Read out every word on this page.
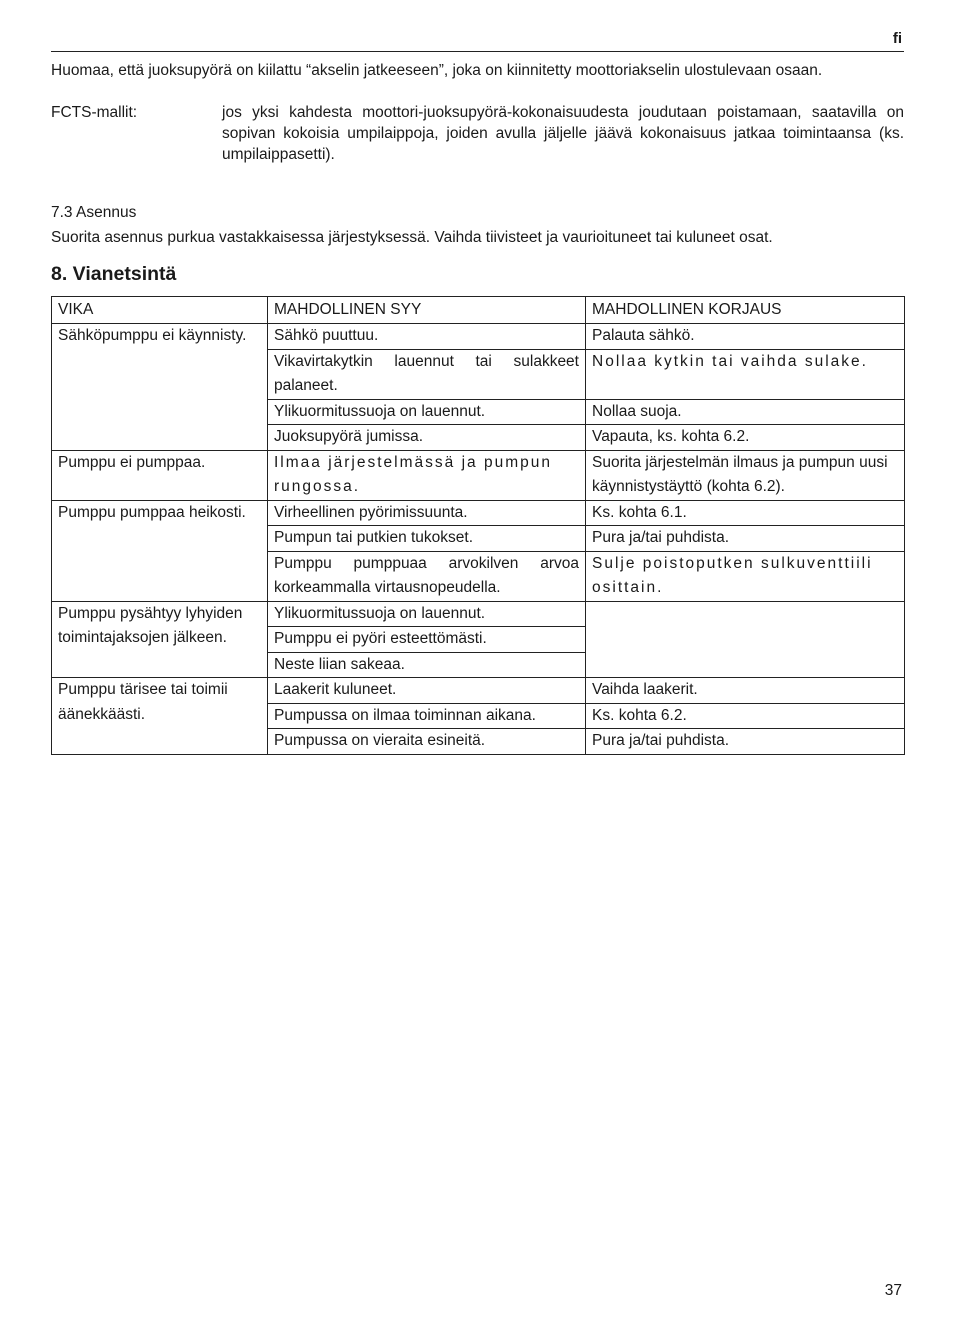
fi

Huomaa, että juoksupyörä on kiilattu “akselin jatkeeseen”, joka on kiinnitetty moottoriakselin ulostulevaan osaan.

FCTS-mallit:	jos yksi kahdesta moottori-juoksupyörä-kokonaisuudesta joudutaan poistamaan, saatavilla on sopivan kokoisia umpilaippoja, joiden avulla jäljelle jäävä kokonaisuus jatkaa toimintaansa (ks. umpilaippasetti).

7.3 Asennus

Suorita asennus purkua vastakkaisessa järjestyksessä. Vaihda tiivisteet ja vaurioituneet tai kuluneet osat.

8. Vianetsintä
VIKA	MAHDOLLINEN SYY	MAHDOLLINEN KORJAUS
Sähköpumppu ei käynnisty.	Sähkö puuttuu.	Palauta sähkö.
	Vikavirtakytkin lauennut tai sulakkeet palaneet.	Nollaa kytkin tai vaihda sulake.
	Ylikuormitussuoja on lauennut.	Nollaa suoja.
	Juoksupyörä jumissa.	Vapauta, ks. kohta 6.2.
Pumppu ei pumppaa.	Ilmaa järjestelmässä ja pumpun rungossa.	Suorita järjestelmän ilmaus ja pumpun uusi käynnistystäyttö (kohta 6.2).
Pumppu pumppaa heikosti.	Virheellinen pyörimissuunta.	Ks. kohta 6.1.
	Pumpun tai putkien tukokset.	Pura ja/tai puhdista.
	Pumppu pumppuaa arvokilven arvoa korkeammalla virtausnopeudella.	Sulje poistoputken sulkuventtiili osittain.
Pumppu pysähtyy lyhyiden toimintajaksojen jälkeen.	Ylikuormitussuoja on lauennut.	
	Pumppu ei pyöri esteettömästi.	
	Neste liian sakeaa.	
Pumppu tärisee tai toimii äänekkäästi.	Laakerit kuluneet.	Vaihda laakerit.
	Pumpussa on ilmaa toiminnan aikana.	Ks. kohta 6.2.
	Pumpussa on vieraita esineitä.	Pura ja/tai puhdista.
37
